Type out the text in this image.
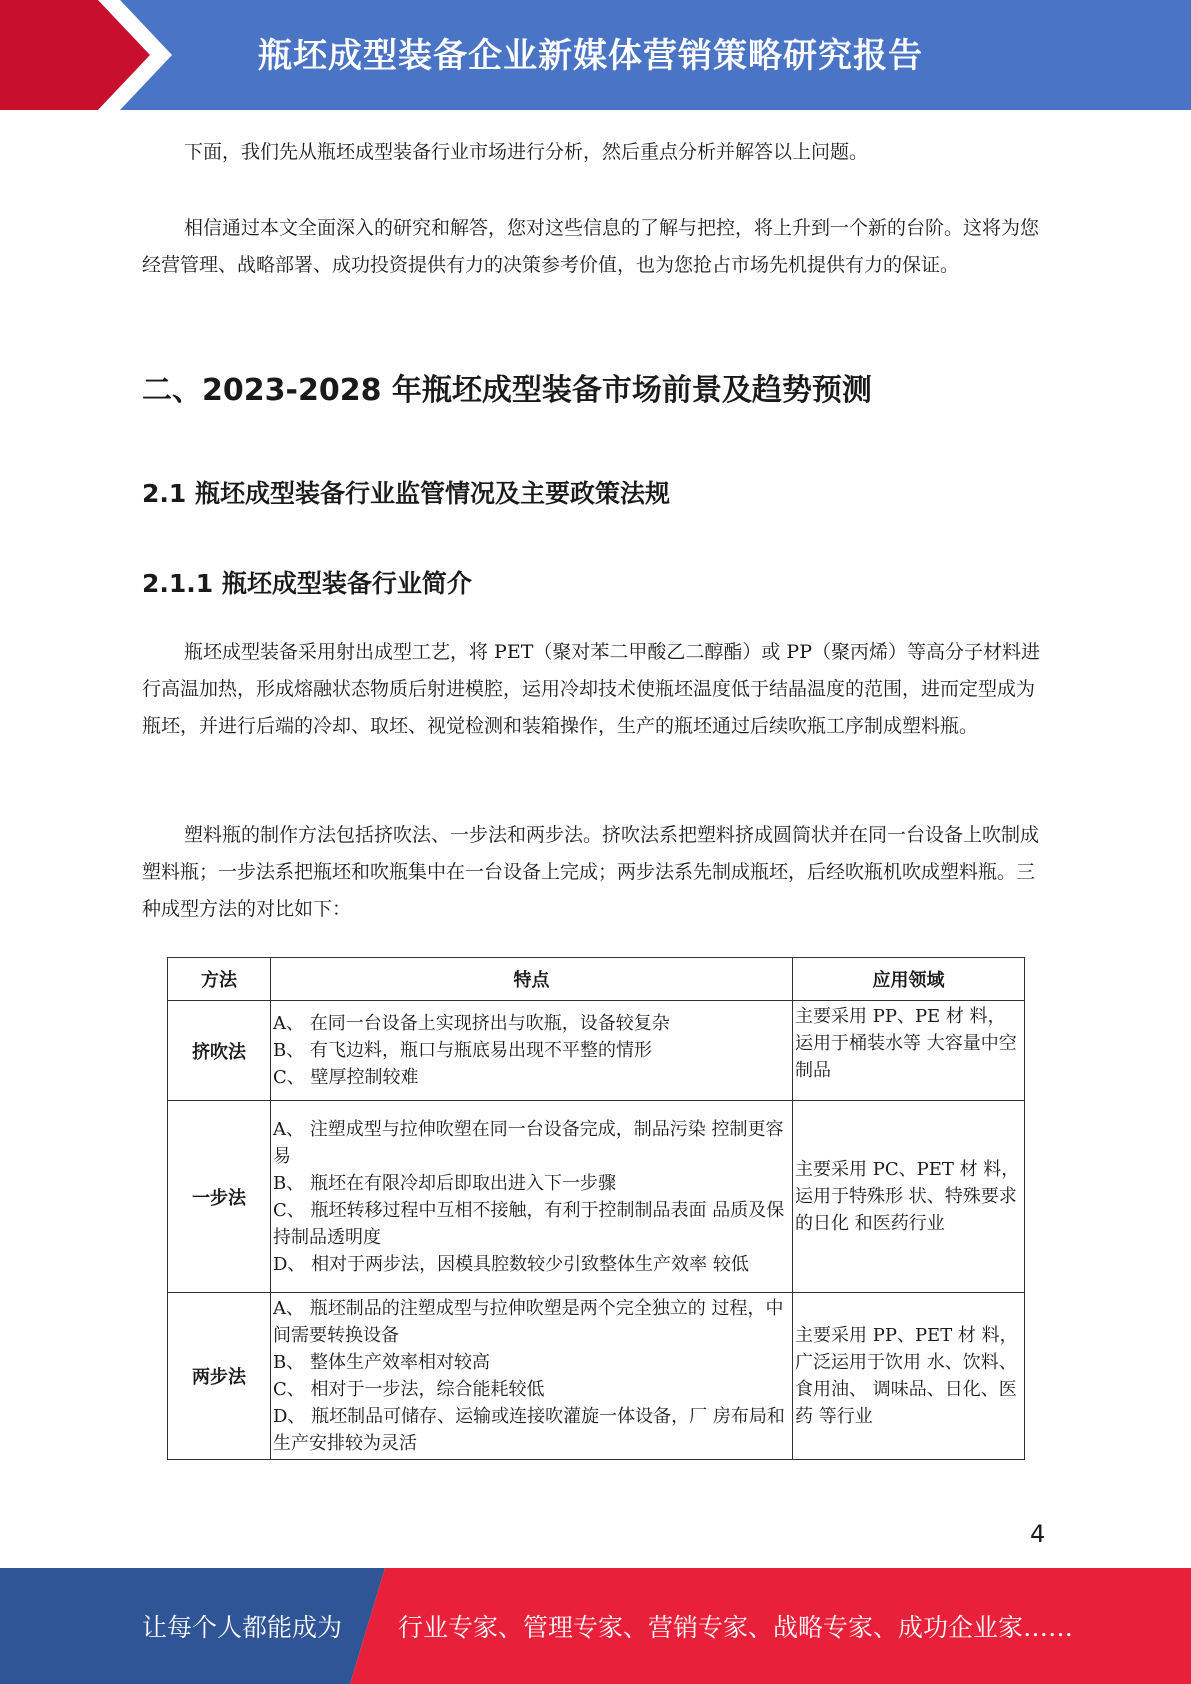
瓶坯成型装备企业新媒体营销策略研究报告

下面，我们先从瓶坯成型装备行业市场进行分析，然后重点分析并解答以上问题。

相信通过本文全面深入的研究和解答，您对这些信息的了解与把控，将上升到一个新的台阶。这将为您经营管理、战略部署、成功投资提供有力的决策参考价值，也为您抢占市场先机提供有力的保证。

二、2023-2028 年瓶坯成型装备市场前景及趋势预测
2.1 瓶坯成型装备行业监管情况及主要政策法规
2.1.1 瓶坯成型装备行业简介

瓶坯成型装备采用射出成型工艺，将 PET（聚对苯二甲酸乙二醇酯）或 PP（聚丙烯）等高分子材料进行高温加热，形成熔融状态物质后射进模腔，运用冷却技术使瓶坯温度低于结晶温度的范围，进而定型成为瓶坯，并进行后端的冷却、取坯、视觉检测和装箱操作，生产的瓶坯通过后续吹瓶工序制成塑料瓶。

塑料瓶的制作方法包括挤吹法、一步法和两步法。挤吹法系把塑料挤成圆筒状并在同一台设备上吹制成塑料瓶；一步法系把瓶坯和吹瓶集中在一台设备上完成；两步法系先制成瓶坯，后经吹瓶机吹成塑料瓶。三种成型方法的对比如下：

方法	特点	应用领域
挤吹法	A、 在同一台设备上实现挤出与吹瓶，设备较复杂
B、 有飞边料，瓶口与瓶底易出现不平整的情形
C、 壁厚控制较难	主要采用 PP、PE 材 料，运用于桶装水等 大容量中空制品
一步法	A、 注塑成型与拉伸吹塑在同一台设备完成，制品污染 控制更容易
B、 瓶坯在有限冷却后即取出进入下一步骤
C、 瓶坯转移过程中互相不接触，有利于控制制品表面 品质及保持制品透明度
D、 相对于两步法，因模具腔数较少引致整体生产效率 较低	主要采用 PC、PET 材 料，运用于特殊形 状、特殊要求的日化 和医药行业
两步法	A、 瓶坯制品的注塑成型与拉伸吹塑是两个完全独立的 过程，中间需要转换设备
B、 整体生产效率相对较高
C、 相对于一步法，综合能耗较低
D、 瓶坯制品可储存、运输或连接吹灌旋一体设备，厂 房布局和生产安排较为灵活	主要采用 PP、PET 材 料，广泛运用于饮用 水、饮料、食用油、 调味品、日化、医药 等行业
4
让每个人都能成为 行业专家、管理专家、营销专家、战略专家、成功企业家……
